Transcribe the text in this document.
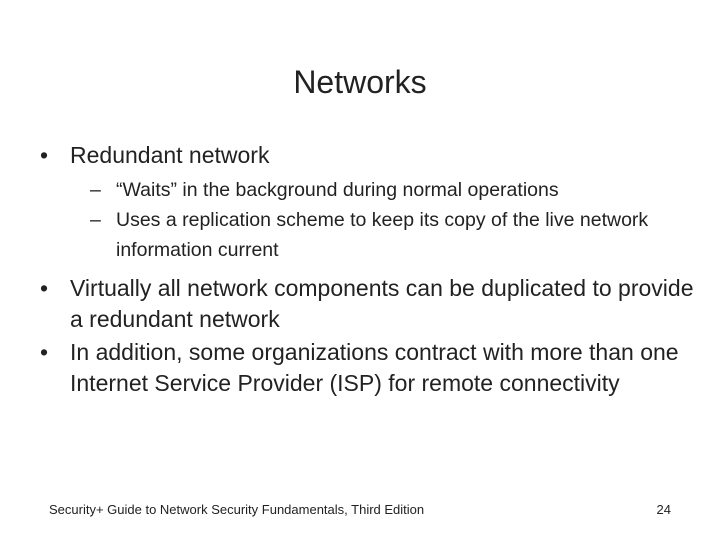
Networks
• Redundant network
– “Waits” in the background during normal operations
– Uses a replication scheme to keep its copy of the live network information current
• Virtually all network components can be duplicated to provide a redundant network
• In addition, some organizations contract with more than one Internet Service Provider (ISP) for remote connectivity
Security+ Guide to Network Security Fundamentals, Third Edition	24
